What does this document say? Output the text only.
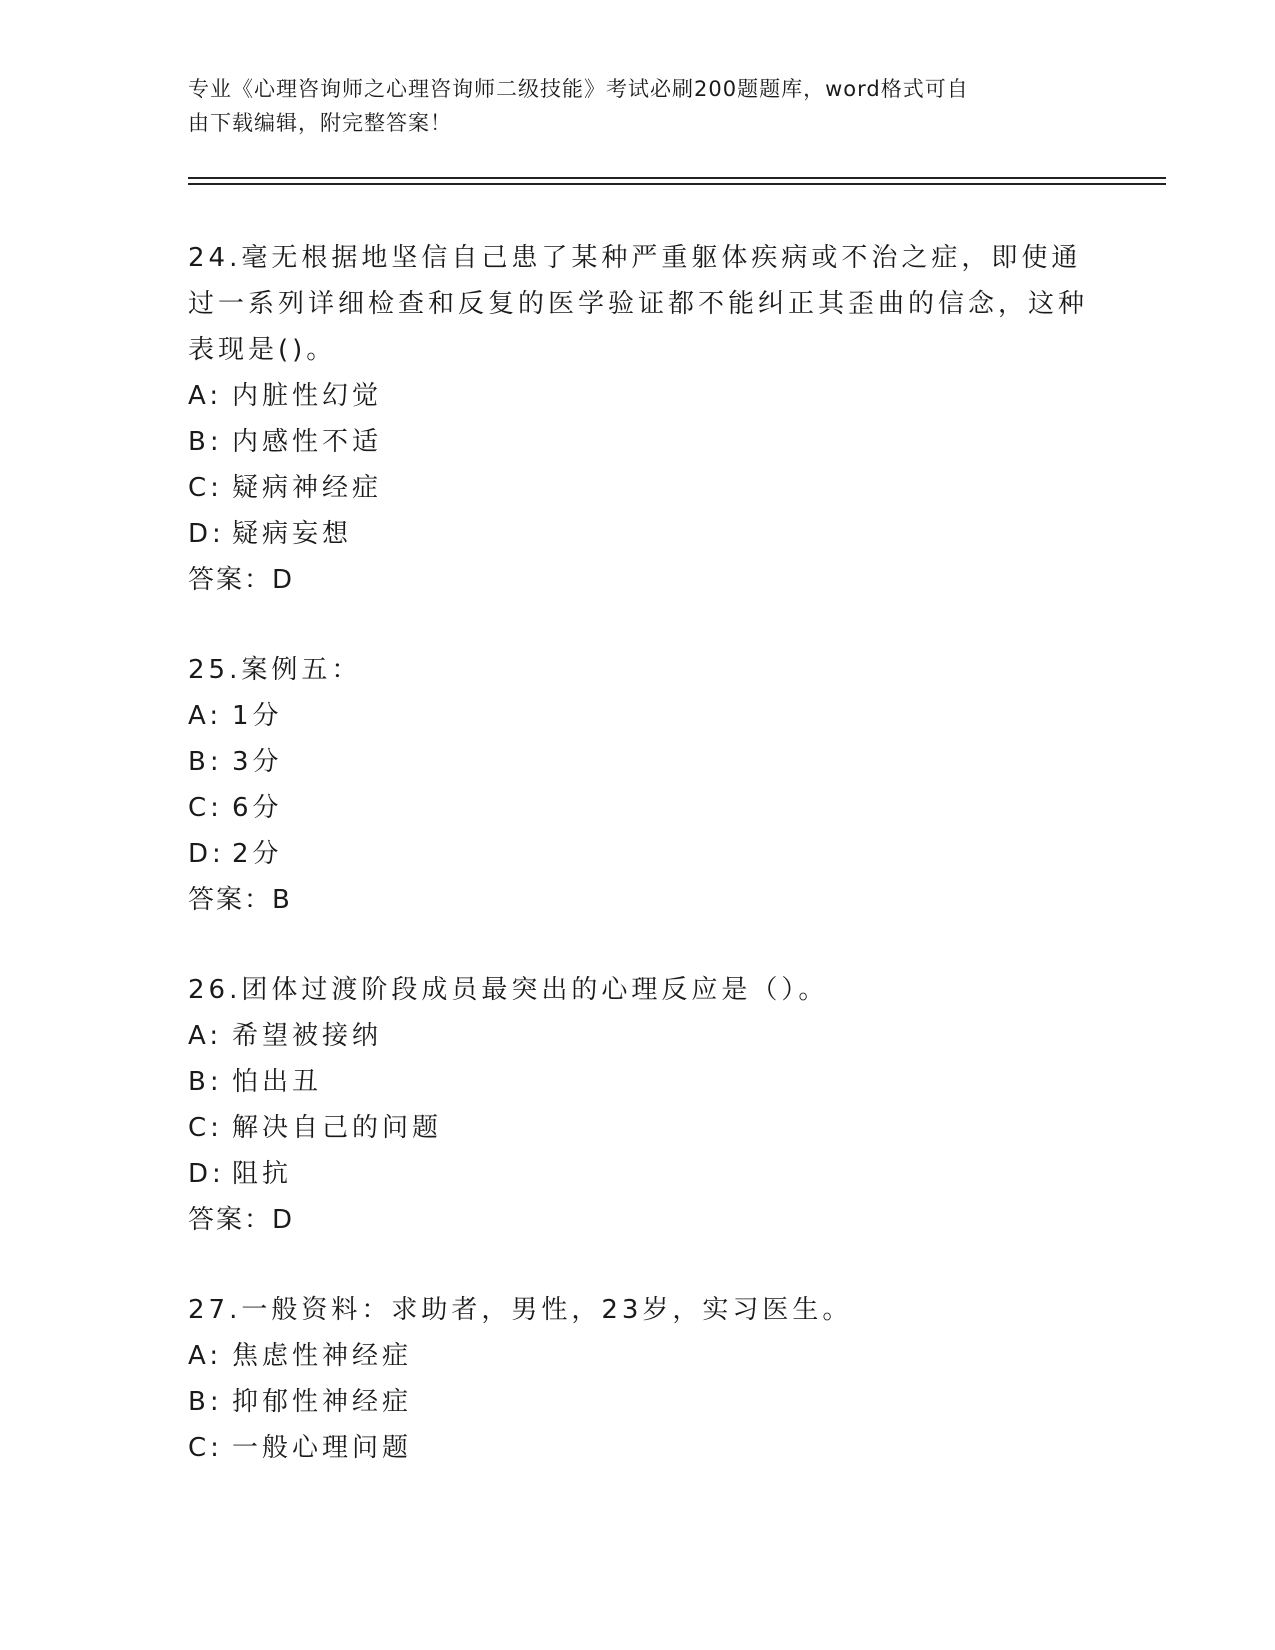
专业《心理咨询师之心理咨询师二级技能》考试必刷200题题库，word格式可自
由下载编辑，附完整答案！
24.毫无根据地坚信自己患了某种严重躯体疾病或不治之症，即使通过一系列详细检查和反复的医学验证都不能纠正其歪曲的信念，这种表现是()。
A: 内脏性幻觉
B: 内感性不适
C: 疑病神经症
D: 疑病妄想
答案：D
25.案例五：
A: 1分
B: 3分
C: 6分
D: 2分
答案：B
26.团体过渡阶段成员最突出的心理反应是（）。
A: 希望被接纳
B: 怕出丑
C: 解决自己的问题
D: 阻抗
答案：D
27.一般资料：求助者，男性，23岁，实习医生。
A: 焦虑性神经症
B: 抑郁性神经症
C: 一般心理问题
